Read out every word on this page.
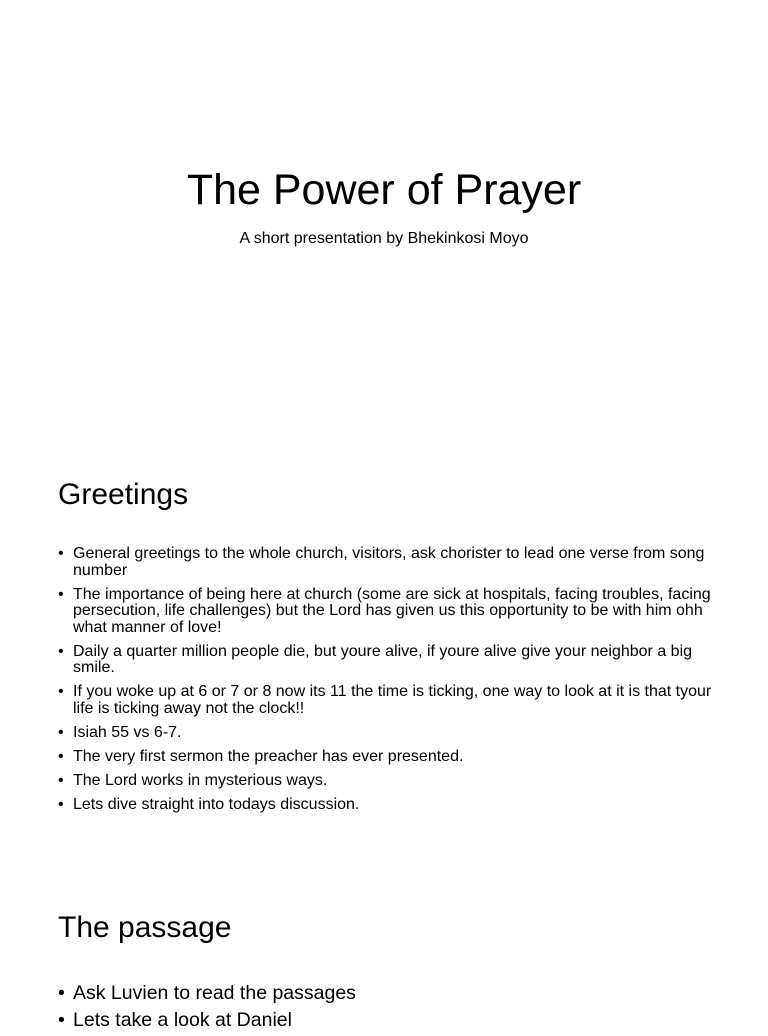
The Power of Prayer

A short presentation by Bhekinkosi Moyo

Greetings
• General greetings to the whole church, visitors, ask chorister to lead one verse from song number
• The importance of being here at church (some are sick at hospitals, facing troubles, facing persecution, life challenges) but the Lord has given us this opportunity to be with him ohh what manner of love!
• Daily a quarter million people die, but youre alive, if youre alive give your neighbor a big smile.
• If you woke up at 6 or 7 or 8 now its 11 the time is ticking, one way to look at it is that tyour life is ticking away not the clock!!
• Isiah 55 vs 6-7.
• The very first sermon the preacher has ever presented.
• The Lord works in mysterious ways.
• Lets dive straight into todays discussion.
The passage
• Ask Luvien to read the passages
• Lets take a look at Daniel
